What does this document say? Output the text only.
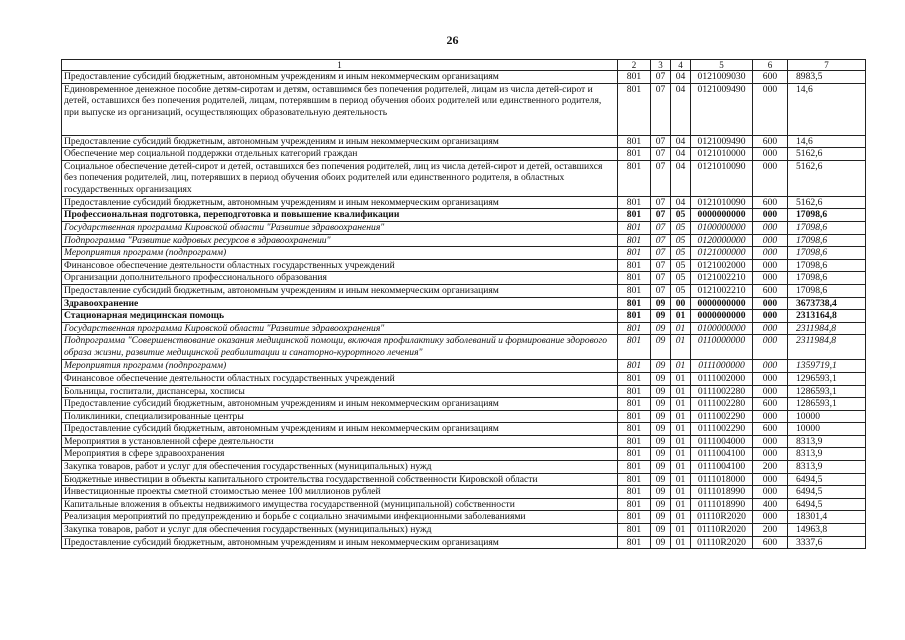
26
1	2	3	4	5	6	7
Предоставление субсидий бюджетным, автономным учреждениям и иным некоммерческим организациям	801	07	04	0121009030	600	8983,5
Единовременное денежное пособие детям-сиротам и детям, оставшимся без попечения родителей, лицам из числа детей-сирот и детей, оставшихся без попечения родителей, лицам, потерявшим в период обучения обоих родителей или единственного родителя, при выпуске из организаций, осуществляющих образовательную деятельность	801	07	04	0121009490	000	14,6
Предоставление субсидий бюджетным, автономным учреждениям и иным некоммерческим организациям	801	07	04	0121009490	600	14,6
Обеспечение мер социальной поддержки отдельных категорий граждан	801	07	04	0121010000	000	5162,6
Социальное обеспечение детей-сирот и детей, оставшихся без попечения родителей, лиц из числа детей-сирот и детей, оставшихся без попечения родителей, лиц, потерявших в период обучения обоих родителей или единственного родителя, в областных государственных организациях	801	07	04	0121010090	000	5162,6
Предоставление субсидий бюджетным, автономным учреждениям и иным некоммерческим организациям	801	07	04	0121010090	600	5162,6
Профессиональная подготовка, переподготовка и повышение квалификации	801	07	05	0000000000	000	17098,6
Государственная программа Кировской области "Развитие здравоохранения"	801	07	05	0100000000	000	17098,6
Подпрограмма "Развитие кадровых ресурсов в здравоохранении"	801	07	05	0120000000	000	17098,6
Мероприятия программ (подпрограмм)	801	07	05	0121000000	000	17098,6
Финансовое обеспечение деятельности областных государственных учреждений	801	07	05	0121002000	000	17098,6
Организации дополнительного профессионального образования	801	07	05	0121002210	000	17098,6
Предоставление субсидий бюджетным, автономным учреждениям и иным некоммерческим организациям	801	07	05	0121002210	600	17098,6
Здравоохранение	801	09	00	0000000000	000	3673738,4
Стационарная медицинская помощь	801	09	01	0000000000	000	2313164,8
Государственная программа Кировской области "Развитие здравоохранения"	801	09	01	0100000000	000	2311984,8
Подпрограмма "Совершенствование оказания медицинской помощи, включая профилактику заболеваний и формирование здорового образа жизни, развитие медицинской реабилитации и санаторно-курортного лечения"	801	09	01	0110000000	000	2311984,8
Мероприятия программ (подпрограмм)	801	09	01	0111000000	000	1359719,1
Финансовое обеспечение деятельности областных государственных учреждений	801	09	01	0111002000	000	1296593,1
Больницы, госпитали, диспансеры, хосписы	801	09	01	0111002280	000	1286593,1
Предоставление субсидий бюджетным, автономным учреждениям и иным некоммерческим организациям	801	09	01	0111002280	600	1286593,1
Поликлиники, специализированные центры	801	09	01	0111002290	000	10000
Предоставление субсидий бюджетным, автономным учреждениям и иным некоммерческим организациям	801	09	01	0111002290	600	10000
Мероприятия в установленной сфере деятельности	801	09	01	0111004000	000	8313,9
Мероприятия в сфере здравоохранения	801	09	01	0111004100	000	8313,9
Закупка товаров, работ и услуг для обеспечения государственных (муниципальных) нужд	801	09	01	0111004100	200	8313,9
Бюджетные инвестиции в объекты капитального строительства государственной собственности Кировской области	801	09	01	0111018000	000	6494,5
Инвестиционные проекты сметной стоимостью менее 100 миллионов рублей	801	09	01	0111018990	000	6494,5
Капитальные вложения в объекты недвижимого имущества государственной (муниципальной) собственности	801	09	01	0111018990	400	6494,5
Реализация мероприятий по предупреждению и борьбе с социально значимыми инфекционными заболеваниями	801	09	01	01110R2020	000	18301,4
Закупка товаров, работ и услуг для обеспечения государственных (муниципальных) нужд	801	09	01	01110R2020	200	14963,8
Предоставление субсидий бюджетным, автономным учреждениям и иным некоммерческим организациям	801	09	01	01110R2020	600	3337,6
